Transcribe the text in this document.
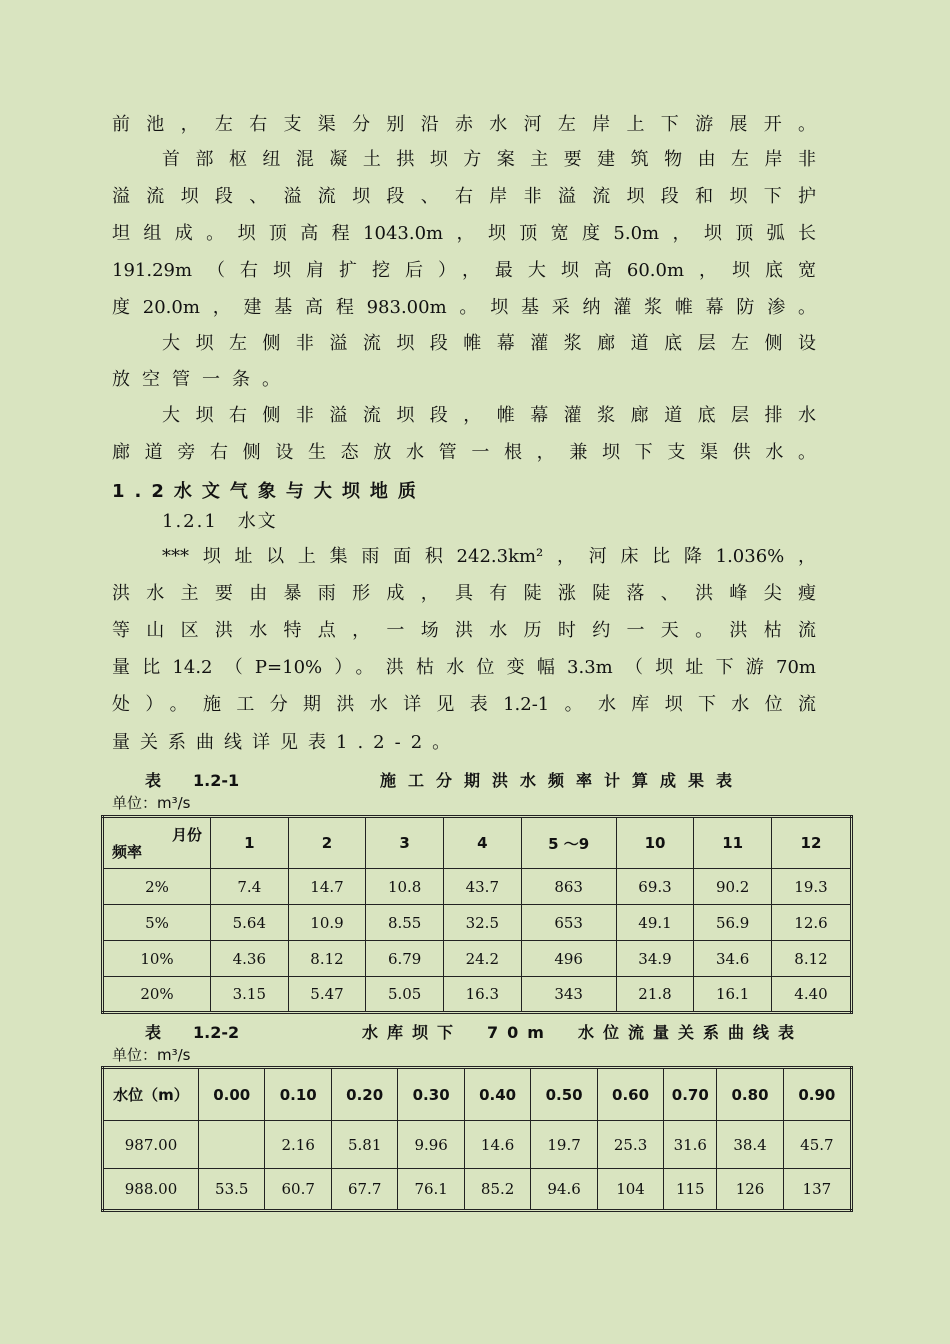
前池，左右支渠分别沿赤水河左岸上下游展开。
首部枢纽混凝土拱坝方案主要建筑物由左岸非
溢流坝段、溢流坝段、右岸非溢流坝段和坝下护
坦组成。坝顶高程1043.0m，坝顶宽度5.0m，坝顶弧长
191.29m（右坝肩扩挖后），最大坝高60.0m，坝底宽
度20.0m，建基高程983.00m。坝基采纳灌浆帷幕防渗。
大坝左侧非溢流坝段帷幕灌浆廊道底层左侧设
放空管一条。
大坝右侧非溢流坝段，帷幕灌浆廊道底层排水
廊道旁右侧设生态放水管一根，兼坝下支渠供水。
1.2水文气象与大坝地质
1.2.1　水文
***坝址以上集雨面积242.3km²，河床比降1.036%，
洪水主要由暴雨形成，具有陡涨陡落、洪峰尖瘦
等山区洪水特点，一场洪水历时约一天。洪枯流
量比14.2（P=10%）。洪枯水位变幅3.3m（坝址下游70m
处）。施工分期洪水详见表1.2-1。水库坝下水位流
量关系曲线详见表1.2-2。
表　　1.2-1	施工分期洪水频率计算成果表
单位：m³/s
月份
频率	1	2	3	4	5 ～9	10	11	12
2%	7.4	14.7	10.8	43.7	863	69.3	90.2	19.3
5%	5.64	10.9	8.55	32.5	653	49.1	56.9	12.6
10%	4.36	8.12	6.79	24.2	496	34.9	34.6	8.12
20%	3.15	5.47	5.05	16.3	343	21.8	16.1	4.40
表　　1.2-2	水库坝下　70m　水位流量关系曲线表
单位：m³/s
水位（m）	0.00	0.10	0.20	0.30	0.40	0.50	0.60	0.70	0.80	0.90
987.00		2.16	5.81	9.96	14.6	19.7	25.3	31.6	38.4	45.7
988.00	53.5	60.7	67.7	76.1	85.2	94.6	104	115	126	137
